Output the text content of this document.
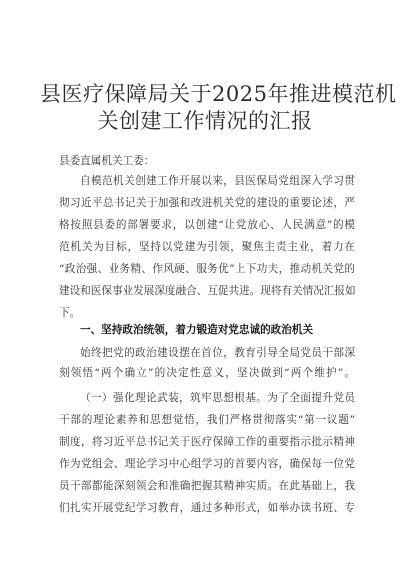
县医疗保障局关于2025年推进模范机
关创建工作情况的汇报
县委直属机关工委：
自模范机关创建工作开展以来，县医保局党组深入学习贯
彻习近平总书记关于加强和改进机关党的建设的重要论述，严
格按照县委的部署要求，以创建“让党放心、人民满意”的模
范机关为目标，坚持以党建为引领，聚焦主责主业，着力在
“政治强、业务精、作风硬、服务优”上下功夫，推动机关党的
建设和医保事业发展深度融合、互促共进。现将有关情况汇报如
下。
一、坚持政治统领，着力锻造对党忠诚的政治机关
始终把党的政治建设摆在首位，教育引导全局党员干部深
刻领悟“两个确立”的决定性意义，坚决做到“两个维护”。
（一）强化理论武装，筑牢思想根基。为了全面提升党员
干部的理论素养和思想觉悟，我们严格贯彻落实“第一议题”
制度，将习近平总书记关于医疗保障工作的重要指示批示精神
作为党组会、理论学习中心组学习的首要内容，确保每一位党
员干部都能深刻领会和准确把握其精神实质。在此基础上，我
们扎实开展党纪学习教育，通过多种形式，如举办读书班、专
